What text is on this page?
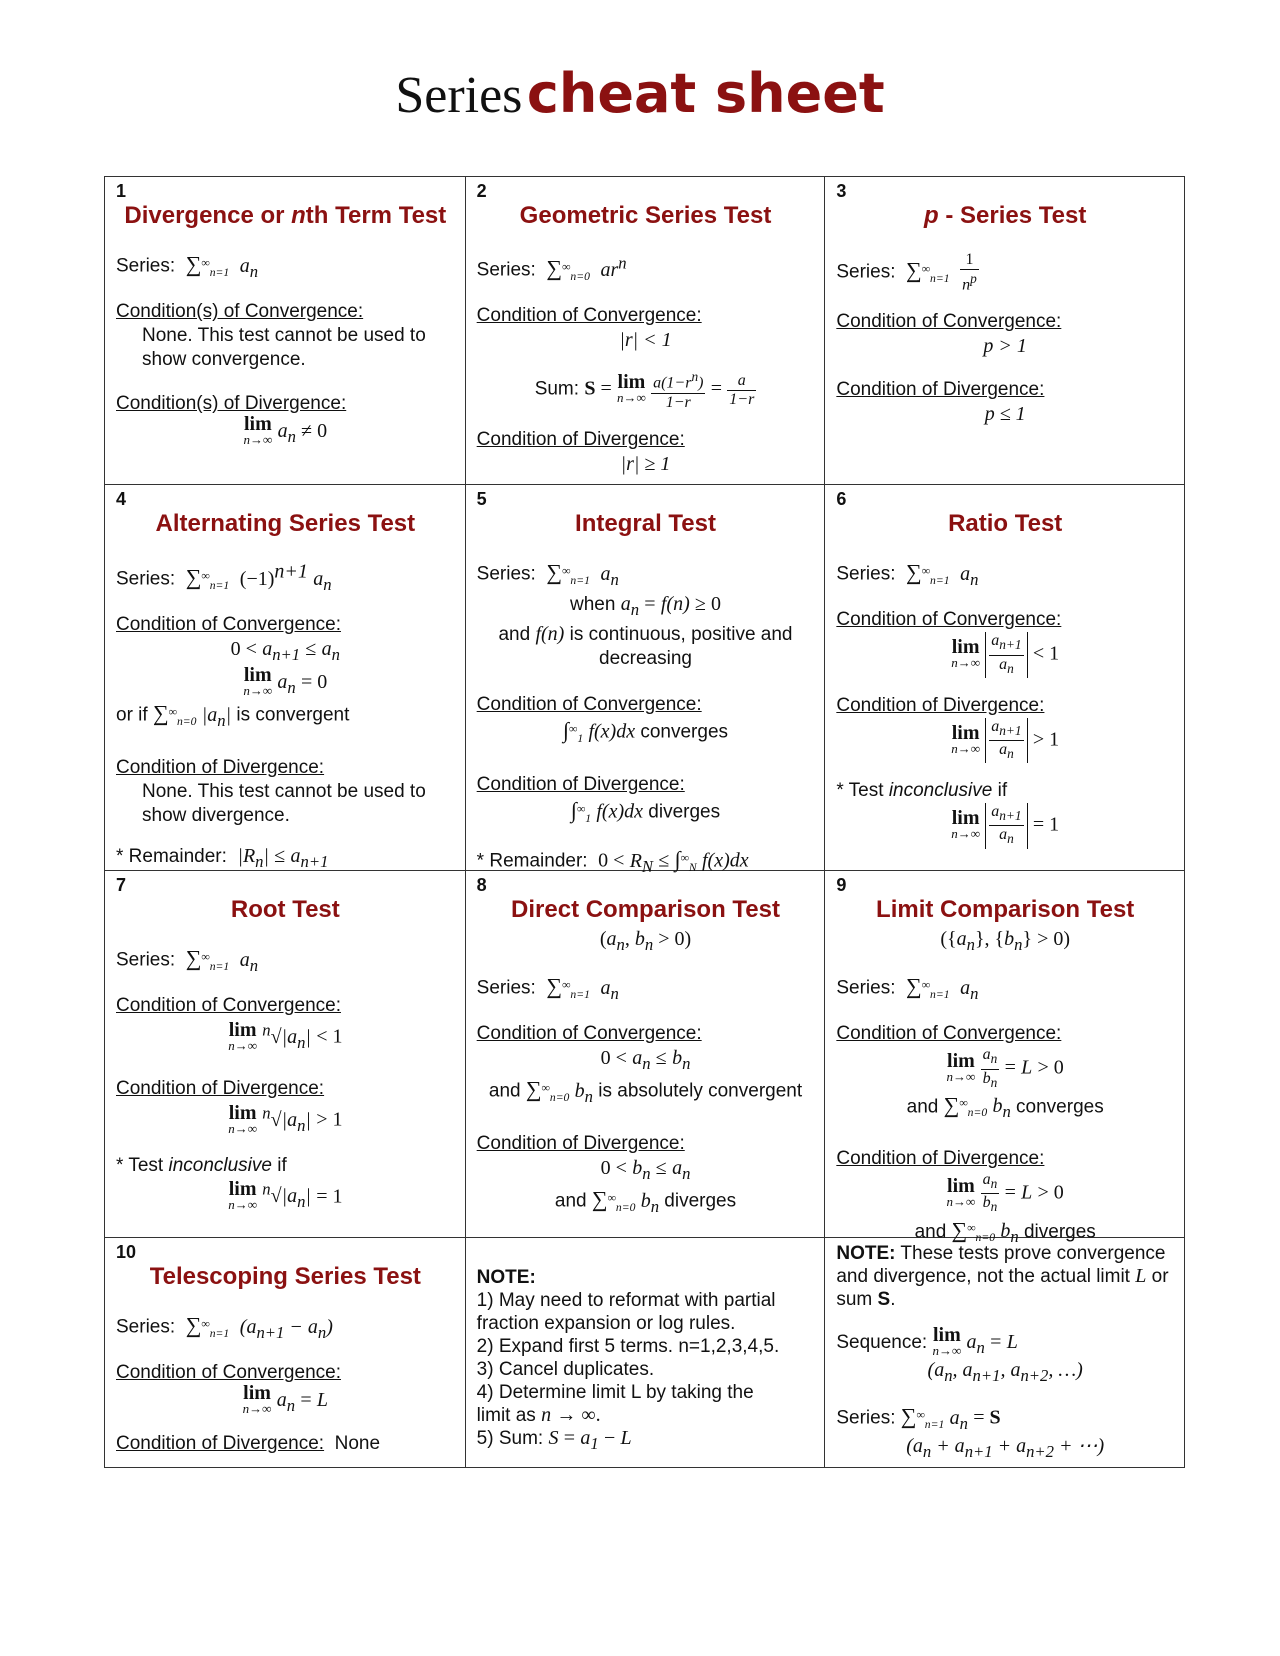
Series cheat sheet
1
Divergence or nth Term Test
Series: $\sum^\infty_{n=1}$ $a_n$
Condition(s) of Convergence:
None. This test cannot be used to show convergence.
Condition(s) of Divergence:
lim
n→∞ $a_n \ne 0$
2
Geometric Series Test
Series: $\sum^\infty_{n=0}$ $ar^n$
Condition of Convergence:
|r| < 1
Sum: S = lim
n→∞
$\frac{a(1-r^n)}{1-r} = \frac{a}{1-r}$
Condition of Divergence:
|r| ≥ 1
3
p - Series Test
Series: $\sum^\infty_{n=1} \frac{1}{n^p}$
Condition of Convergence:
p > 1
Condition of Divergence:
p ≤ 1
4
Alternating Series Test
Series: $\sum^\infty_{n=1}$ $(-1)^{n+1}$ $a_n$
Condition of Convergence:
$0 < a_{n+1} \le a_n$
lim
n→∞ $a_n = 0$
or if $\sum^\infty_{n=0}$ $|a_n|$ is convergent
Condition of Divergence:
None. This test cannot be used to show divergence.
* Remainder: $|R_n| \le a_{n+1}$
5
Integral Test
Series: $\sum^\infty_{n=1}$ $a_n$
when $a_n = f(n) \ge 0$
and f(n) is continuous, positive and decreasing
Condition of Convergence:
$\int^\infty_1$ f(x)dx converges
Condition of Divergence:
$\int^\infty_1$ f(x)dx diverges
* Remainder: $0 < R_N \le \int^\infty_N$ f(x)dx
6
Ratio Test
Series: $\sum^\infty_{n=1}$ $a_n$
Condition of Convergence:
lim
n→∞
$\frac{a_{n+1}}{a_n} < 1$
Condition of Divergence:
lim
n→∞
$\frac{a_{n+1}}{a_n} > 1$
* Test inconclusive if
lim
n→∞
$\frac{a_{n+1}}{a_n} = 1$
7
Root Test
Series: $\sum^\infty_{n=1}$ $a_n$
Condition of Convergence:
lim
n→∞
$^n√|a_n| < 1$
Condition of Divergence:
lim
n→∞
$^n√|a_n| > 1$
* Test inconclusive if
lim
n→∞
$^n√|a_n| = 1$
8
Direct Comparison Test
($a_n$, $b_n > 0$)
Series: $\sum^\infty_{n=1}$ $a_n$
Condition of Convergence:
$0 < a_n \le b_n$
and $\sum^\infty_{n=0}$ $b_n$ is absolutely convergent
Condition of Divergence:
$0 < b_n \le a_n$
and $\sum^\infty_{n=0}$ $b_n$ diverges
9
Limit Comparison Test
($\{a_n\}$, $\{b_n\} > 0$)
Series: $\sum^\infty_{n=1}$ $a_n$
Condition of Convergence:
lim
n→∞
$\frac{a_n}{b_n} = L > 0$
and $\sum^\infty_{n=0}$ $b_n$ converges
Condition of Divergence:
lim
n→∞
$\frac{a_n}{b_n} = L > 0$
and $\sum^\infty_{n=0}$ $b_n$ diverges
10
Telescoping Series Test
Series: $\sum^\infty_{n=1}$ $(a_{n+1} - a_n)$
Condition of Convergence:
lim
n→∞ $a_n = L$
Condition of Divergence: None
NOTE:
1) May need to reformat with partial fraction expansion or log rules.
2) Expand first 5 terms. n=1,2,3,4,5.
3) Cancel duplicates.
4) Determine limit L by taking the
limit as n → ∞.
5) Sum: $S = a_1 - L$
NOTE: These tests prove convergence and divergence, not the actual limit L or sum S.
Sequence: lim
n→∞ $a_n = L$
($a_n$, $a_{n+1}$, $a_{n+2}$, …)
Series: $\sum^\infty_{n=1}$ $a_n = S$
($a_n + a_{n+1} + a_{n+2}$ + ⋯)
